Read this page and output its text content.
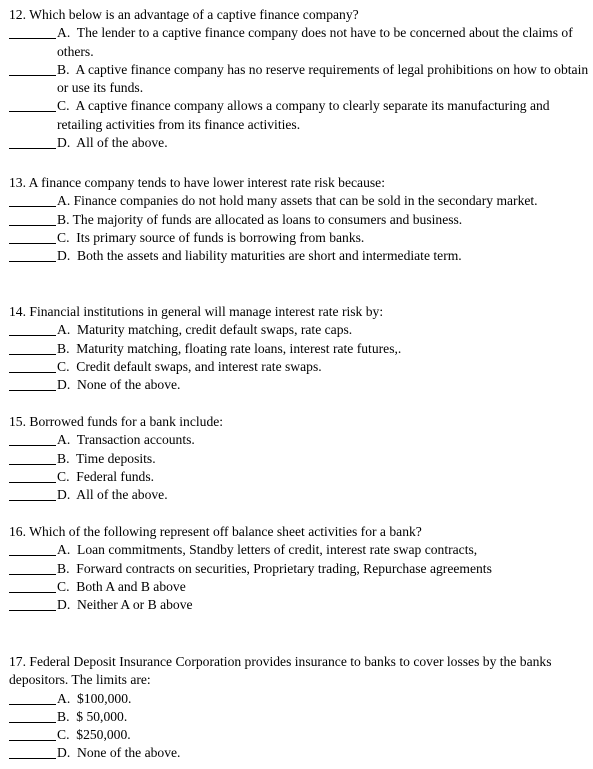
12. Which below is an advantage of a captive finance company?
A. The lender to a captive finance company does not have to be concerned about the claims of others.
B. A captive finance company has no reserve requirements of legal prohibitions on how to obtain or use its funds.
C. A captive finance company allows a company to clearly separate its manufacturing and retailing activities from its finance activities.
D. All of the above.
13. A finance company tends to have lower interest rate risk because:
A. Finance companies do not hold many assets that can be sold in the secondary market.
B. The majority of funds are allocated as loans to consumers and business.
C. Its primary source of funds is borrowing from banks.
D. Both the assets and liability maturities are short and intermediate term.
14. Financial institutions in general will manage interest rate risk by:
A. Maturity matching, credit default swaps, rate caps.
B. Maturity matching, floating rate loans, interest rate futures,.
C. Credit default swaps, and interest rate swaps.
D. None of the above.
15. Borrowed funds for a bank include:
A. Transaction accounts.
B. Time deposits.
C. Federal funds.
D. All of the above.
16. Which of the following represent off balance sheet activities for a bank?
A. Loan commitments, Standby letters of credit, interest rate swap contracts,
B. Forward contracts on securities, Proprietary trading, Repurchase agreements
C. Both A and B above
D. Neither A or B above
17. Federal Deposit Insurance Corporation provides insurance to banks to cover losses by the banks depositors. The limits are:
A. $100,000.
B. $ 50,000.
C. $250,000.
D. None of the above.
